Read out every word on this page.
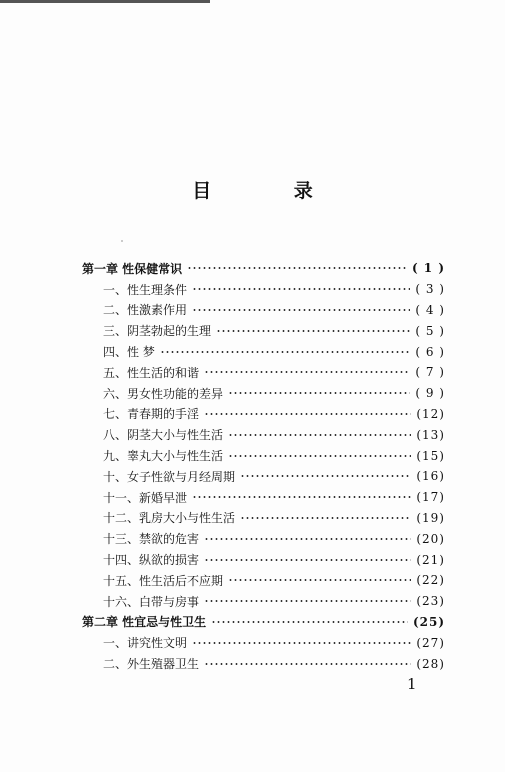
目 录
第一章 性保健常识	( 1 )
一、性生理条件	( 3 )
二、性激素作用	( 4 )
三、阴茎勃起的生理	( 5 )
四、性 梦	( 6 )
五、性生活的和谐	( 7 )
六、男女性功能的差异	( 9 )
七、青春期的手淫	(12)
八、阴茎大小与性生活	(13)
九、睾丸大小与性生活	(15)
十、女子性欲与月经周期	(16)
十一、新婚早泄	(17)
十二、乳房大小与性生活	(19)
十三、禁欲的危害	(20)
十四、纵欲的损害	(21)
十五、性生活后不应期	(22)
十六、白带与房事	(23)
第二章 性宜忌与性卫生	(25)
一、讲究性文明	(27)
二、外生殖器卫生	(28)
1
